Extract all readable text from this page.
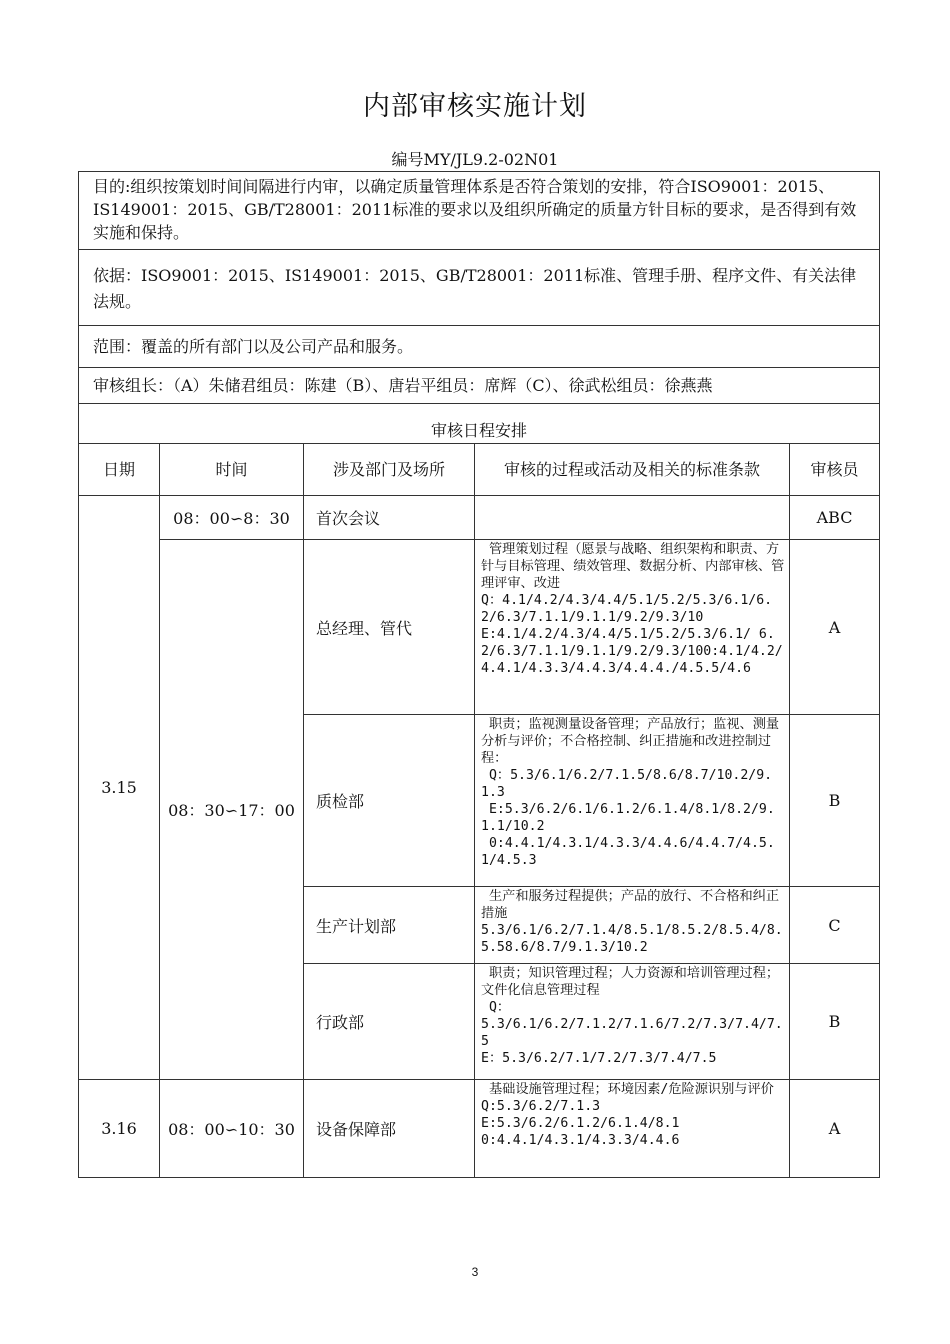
内部审核实施计划
编号MY/JL9.2-02N01
目的:组织按策划时间间隔进行内审，以确定质量管理体系是否符合策划的安排，符合ISO9001：2015、IS149001：2015、GB/T28001：2011标准的要求以及组织所确定的质量方针目标的要求，是否得到有效实施和保持。				
依据：ISO9001：2015、IS149001：2015、GB/T28001：2011标准、管理手册、程序文件、有关法律法规。				
范围：覆盖的所有部门以及公司产品和服务。				
审核组长：（A）朱储君组员：陈建（B）、唐岩平组员：席辉（C）、徐武松组员：徐燕燕				
审核日程安排				
日期	时间	涉及部门及场所	审核的过程或活动及相关的标准条款	审核员
3.15	08：00∽8：30	首次会议		ABC
	08：30∽17：00	总经理、管代	管理策划过程（愿景与战略、组织架构和职责、方针与目标管理、绩效管理、数据分析、内部审核、管理评审、改进
Q：4.1/4.2/4.3/4.4/5.1/5.2/5.3/6.1/6.2/6.3/7.1.1/9.1.1/9.2/9.3/10
E:4.1/4.2/4.3/4.4/5.1/5.2/5.3/6.1/ 6.2/6.3/7.1.1/9.1.1/9.2/9.3/100:4.1/4.2/4.4.1/4.3.3/4.4.3/4.4.4./4.5.5/4.6	A
		质检部	职责；监视测量设备管理；产品放行；监视、测量分析与评价；不合格控制、纠正措施和改进控制过程：
Q：5.3/6.1/6.2/7.1.5/8.6/8.7/10.2/9.1.3
E:5.3/6.2/6.1/6.1.2/6.1.4/8.1/8.2/9.1.1/10.2
0:4.4.1/4.3.1/4.3.3/4.4.6/4.4.7/4.5.1/4.5.3	B
		生产计划部	生产和服务过程提供；产品的放行、不合格和纠正措施
5.3/6.1/6.2/7.1.4/8.5.1/8.5.2/8.5.4/8.5.58.6/8.7/9.1.3/10.2	C
		行政部	职责；知识管理过程；人力资源和培训管理过程；文件化信息管理过程
Q：
5.3/6.1/6.2/7.1.2/7.1.6/7.2/7.3/7.4/7.5
E：5.3/6.2/7.1/7.2/7.3/7.4/7.5	B
3.16	08：00∽10：30	设备保障部	基础设施管理过程；环境因素/危险源识别与评价
Q:5.3/6.2/7.1.3
E:5.3/6.2/6.1.2/6.1.4/8.1
0:4.4.1/4.3.1/4.3.3/4.4.6	A
3
